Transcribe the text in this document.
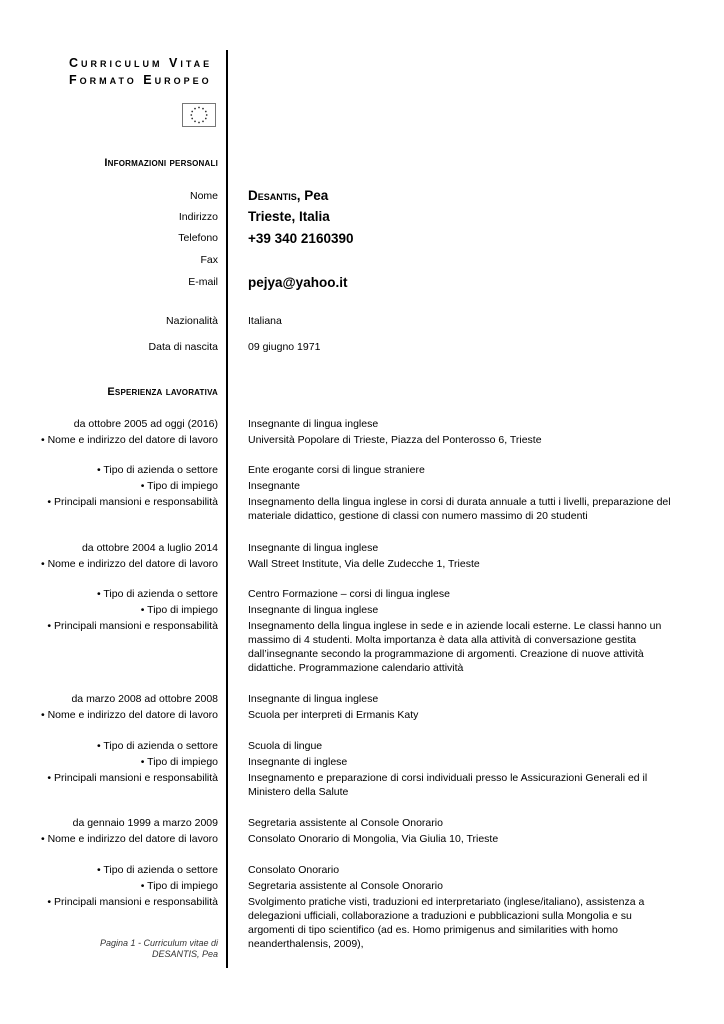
Curriculum Vitae
Formato Europeo
Informazioni personali
Nome Desantis, Pea
Indirizzo Trieste, Italia
Telefono +39 340 2160390
Fax
E-mail pejya@yahoo.it
Nazionalità	Italiana
Data di nascita	09 giugno 1971
Esperienza lavorativa
da ottobre 2005 ad oggi (2016)	Insegnante di lingua inglese
• Nome e indirizzo del datore di lavoro	Università Popolare di Trieste, Piazza del Ponterosso 6, Trieste
• Tipo di azienda o settore	Ente erogante corsi di lingue straniere
• Tipo di impiego	Insegnante
• Principali mansioni e responsabilità	Insegnamento della lingua inglese in corsi di durata annuale a tutti i livelli, preparazione del materiale didattico, gestione di classi con numero massimo di 20 studenti
da ottobre 2004 a luglio 2014	Insegnante di lingua inglese
• Nome e indirizzo del datore di lavoro	Wall Street Institute, Via delle Zudecche 1, Trieste
• Tipo di azienda o settore	Centro Formazione – corsi di lingua inglese
• Tipo di impiego	Insegnante di lingua inglese
• Principali mansioni e responsabilità	Insegnamento della lingua inglese in sede e in aziende locali esterne. Le classi hanno un massimo di 4 studenti. Molta importanza è data alla attività di conversazione gestita dall’insegnante secondo la programmazione di argomenti. Creazione di nuove attività didattiche. Programmazione calendario attività
da marzo 2008 ad ottobre 2008	Insegnante di lingua inglese
• Nome e indirizzo del datore di lavoro	Scuola per interpreti di Ermanis Katy
• Tipo di azienda o settore	Scuola di lingue
• Tipo di impiego	Insegnante di inglese
• Principali mansioni e responsabilità	Insegnamento e preparazione di corsi individuali presso le Assicurazioni Generali ed il Ministero della Salute
da gennaio 1999 a marzo 2009	Segretaria assistente al Console Onorario
• Nome e indirizzo del datore di lavoro	Consolato Onorario di Mongolia, Via Giulia 10, Trieste
• Tipo di azienda o settore	Consolato Onorario
• Tipo di impiego	Segretaria assistente al Console Onorario
• Principali mansioni e responsabilità	Svolgimento pratiche visti, traduzioni ed interpretariato (inglese/italiano), assistenza a delegazioni ufficiali, collaborazione a traduzioni e pubblicazioni sulla Mongolia e su argomenti di tipo scientifico (ad es. Homo primigenus and similarities with homo neanderthalensis, 2009),
Pagina 1 - Curriculum vitae di
DESANTIS, Pea
